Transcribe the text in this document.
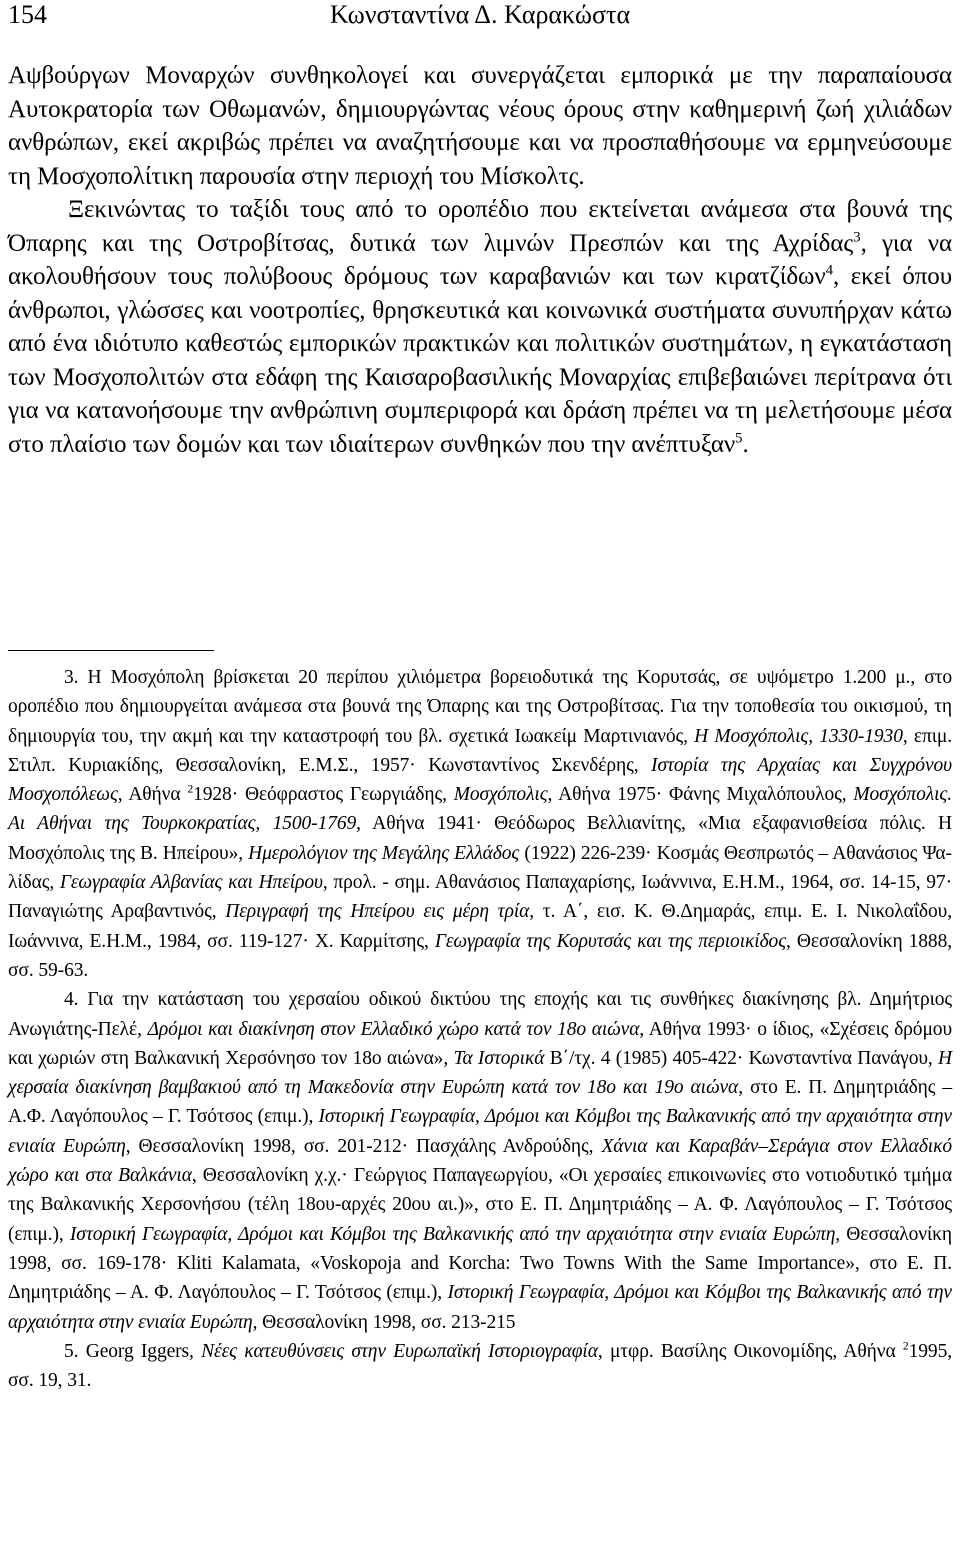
154	Κωνσταντίνα Δ. Καρακώστα

Αψβούργων Μοναρχών συνθηκολογεί και συνεργάζεται εμπορικά με την παραπαίουσα Αυτοκρατορία των Οθωμανών, δημιουργώντας νέους όρους στην καθημερινή ζωή χιλιάδων ανθρώπων, εκεί ακριβώς πρέπει να αναζητήσουμε και να προσπαθήσουμε να ερμηνεύσουμε τη Μοσχοπολίτικη παρουσία στην περιοχή του Μίσκολτς.

Ξεκινώντας το ταξίδι τους από το οροπέδιο που εκτείνεται ανάμεσα στα βουνά της Όπαρης και της Οστροβίτσας, δυτικά των λιμνών Πρεσπών και της Αχρίδας$^3$, για να ακολουθήσουν τους πολύβοους δρόμους των καραβανιών και των κιρατζίδων$^4$, εκεί όπου άνθρωποι, γλώσσες και νοοτροπίες, θρησκευτικά και κοινωνικά συστήματα συνυπήρχαν κάτω από ένα ιδιότυπο καθεστώς εμπορικών πρακτικών και πολιτικών συστημάτων, η εγκατάσταση των Μοσχοπολιτών στα εδάφη της Καισαροβασιλικής Μοναρχίας επιβεβαιώνει περίτρανα ότι για να κατανοήσουμε την ανθρώπινη συμπεριφορά και δράση πρέπει να τη μελετήσουμε μέσα στο πλαίσιο των δομών και των ιδιαίτερων συνθηκών που την ανέπτυξαν$^5$.

3. Η Μοσχόπολη βρίσκεται 20 περίπου χιλιόμετρα βορειοδυτικά της Κορυτσάς, σε υψόμετρο 1.200 μ., στο οροπέδιο που δημιουργείται ανάμεσα στα βουνά της Όπαρης και της Οστροβίτσας. Για την τοποθεσία του οικισμού, τη δημιουργία του, την ακμή και την καταστροφή του βλ. σχετικά Ιωακείμ Μαρτινιανός, Η Μοσχόπολις, 1330-1930, επιμ. Στιλπ. Κυριακίδης, Θεσσαλονίκη, Ε.Μ.Σ., 1957· Κωνσταντίνος Σκενδέρης, Ιστορία της Αρχαίας και Συγχρόνου Μοσχοπόλεως, Αθήνα $^2$1928· Θεόφραστος Γεωργιάδης, Μοσχόπολις, Αθήνα 1975· Φάνης Μιχαλόπουλος, Μοσχόπολις. Αι Αθήναι της Τουρκοκρατίας, 1500-1769, Αθήνα 1941· Θεόδωρος Βελλιανίτης, «Μια εξαφανισθείσα πόλις. Η Μοσχόπολις της Β. Ηπείρου», Ημερολόγιον της Μεγάλης Ελλάδος (1922) 226-239· Κοσμάς Θεσπρωτός – Αθανάσιος Ψαλίδας, Γεωγραφία Αλβανίας και Ηπείρου, προλ. - σημ. Αθανάσιος Παπαχαρίσης, Ιωάννινα, Ε.Η.Μ., 1964, σσ. 14-15, 97· Παναγιώτης Αραβαντινός, Περιγραφή της Ηπείρου εις μέρη τρία, τ. Α΄, εισ. Κ. Θ.Δημαράς, επιμ. Ε. Ι. Νικολαΐδου, Ιωάννινα, Ε.Η.Μ., 1984, σσ. 119-127· Χ. Καρμίτσης, Γεωγραφία της Κορυτσάς και της περιοικίδος, Θεσσαλονίκη 1888, σσ. 59-63.

4. Για την κατάσταση του χερσαίου οδικού δικτύου της εποχής και τις συνθήκες διακίνησης βλ. Δημήτριος Ανωγιάτης-Πελέ, Δρόμοι και διακίνηση στον Ελλαδικό χώρο κατά τον 18ο αιώνα, Αθήνα 1993· ο ίδιος, «Σχέσεις δρόμου και χωριών στη Βαλκανική Χερσόνησο τον 18ο αιώνα», Τα Ιστορικά Β΄/τχ. 4 (1985) 405-422· Κωνσταντίνα Πανάγου, Η χερσαία διακίνηση βαμβακιού από τη Μακεδονία στην Ευρώπη κατά τον 18ο και 19ο αιώνα, στο Ε. Π. Δημητριάδης – Α.Φ. Λαγόπουλος – Γ. Τσότσος (επιμ.), Ιστορική Γεωγραφία, Δρόμοι και Κόμβοι της Βαλκανικής από την αρχαιότητα στην ενιαία Ευρώπη, Θεσσαλονίκη 1998, σσ. 201-212· Πασχάλης Ανδρούδης, Χάνια και Καραβάν–Σεράγια στον Ελλαδικό χώρο και στα Βαλκάνια, Θεσσαλονίκη χ.χ.· Γεώργιος Παπαγεωργίου, «Οι χερσαίες επικοινωνίες στο νοτιοδυτικό τμήμα της Βαλκανικής Χερσονήσου (τέλη 18ου-αρχές 20ου αι.)», στο Ε. Π. Δημητριάδης – Α. Φ. Λαγόπουλος – Γ. Τσότσος (επιμ.), Ιστορική Γεωγραφία, Δρόμοι και Κόμβοι της Βαλκανικής από την αρχαιότητα στην ενιαία Ευρώπη, Θεσσαλονίκη 1998, σσ. 169-178· Kliti Kalamata, «Voskopoja and Korcha: Two Towns With the Same Importance», στο Ε. Π. Δημητριάδης – Α. Φ. Λαγόπουλος – Γ. Τσότσος (επιμ.), Ιστορική Γεωγραφία, Δρόμοι και Κόμβοι της Βαλκανικής από την αρχαιότητα στην ενιαία Ευρώπη, Θεσσαλονίκη 1998, σσ. 213-215

5. Georg Iggers, Νέες κατευθύνσεις στην Ευρωπαϊκή Ιστοριογραφία, μτφρ. Βασίλης Οικονομίδης, Αθήνα $^2$1995, σσ. 19, 31.
